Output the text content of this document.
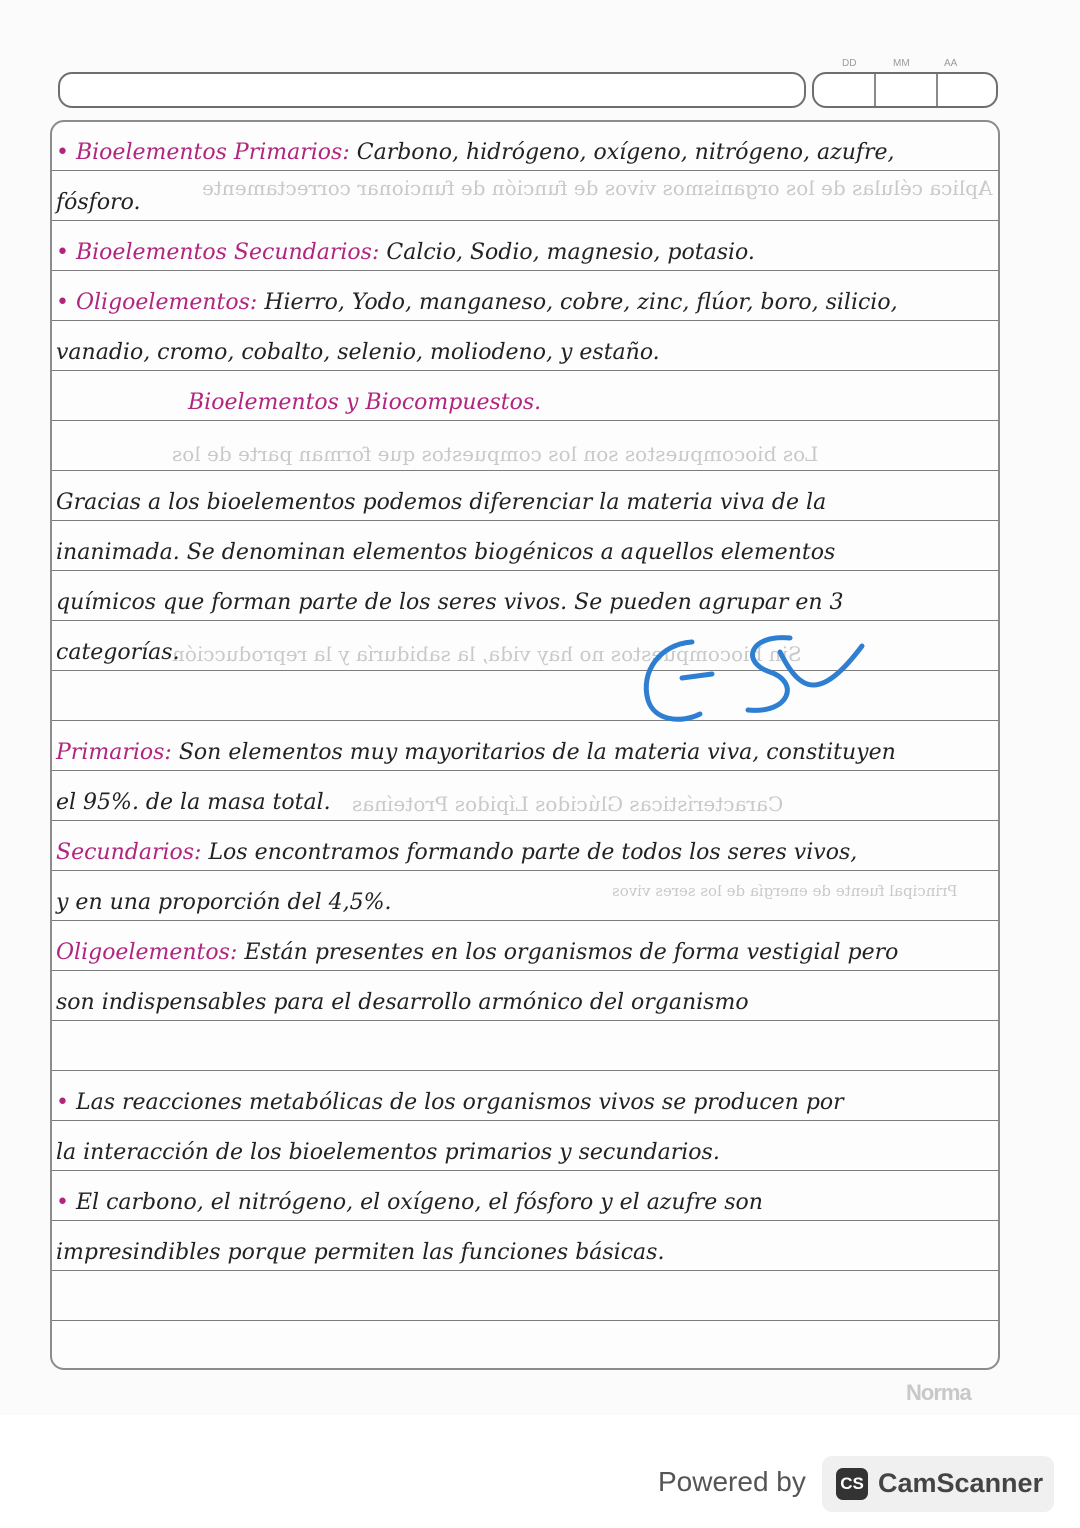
DD	MM	AA
Aplica células de los organismos vivos de función de funcionar correctamente
Los biocompuestos son los compuestos que forman parte de los
Sin biocompuestos no hay vida, la sabiduría y la reproducción
Características Glúcidos Lípidos Proteínas
Principal fuente de energía de los seres vivos
• Bioelementos Primarios: Carbono, hidrógeno, oxígeno, nitrógeno, azufre,
fósforo.
• Bioelementos Secundarios: Calcio, Sodio, magnesio, potasio.
• Oligoelementos: Hierro, Yodo, manganeso, cobre, zinc, flúor, boro, silicio,
vanadio, cromo, cobalto, selenio, moliodeno, y estaño.
Bioelementos y Biocompuestos.
Gracias a los bioelementos podemos diferenciar la materia viva de la
inanimada. Se denominan elementos biogénicos a aquellos elementos
químicos que forman parte de los seres vivos. Se pueden agrupar en 3
categorías.
Primarios: Son elementos muy mayoritarios de la materia viva, constituyen
el 95%. de la masa total.
Secundarios: Los encontramos formando parte de todos los seres vivos,
y en una proporción del 4,5%.
Oligoelementos: Están presentes en los organismos de forma vestigial pero
son indispensables para el desarrollo armónico del organismo
• Las reacciones metabólicas de los organismos vivos se producen por
la interacción de los bioelementos primarios y secundarios.
• El carbono, el nitrógeno, el oxígeno, el fósforo y el azufre son
impresindibles porque permiten las funciones básicas.
Norma
Powered by CS CamScanner
